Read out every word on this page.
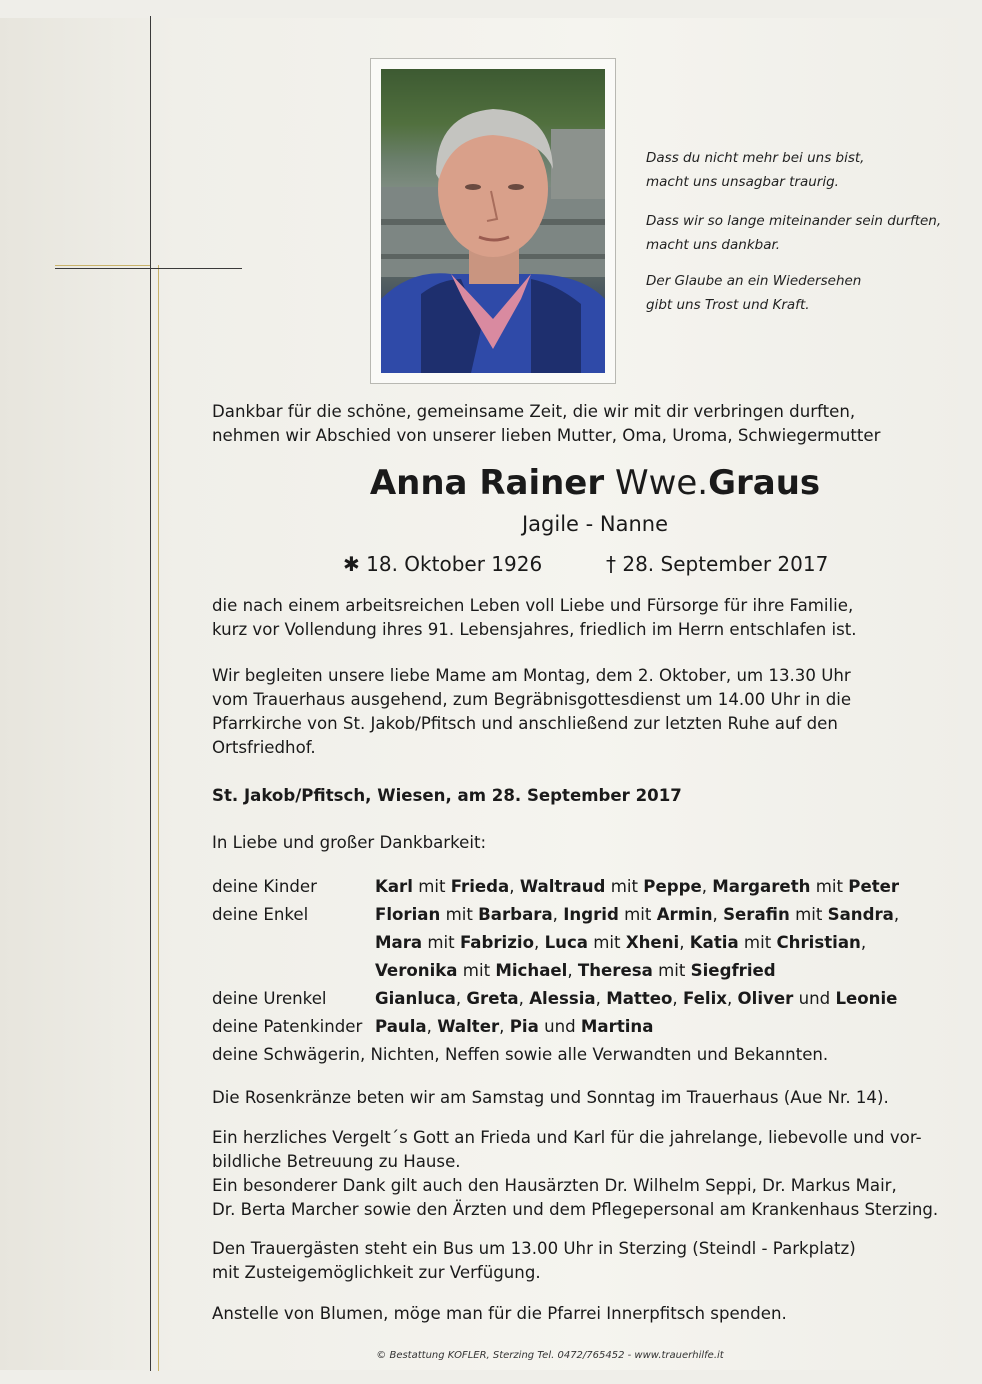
Dass du nicht mehr bei uns bist,
macht uns unsagbar traurig.

Dass wir so lange miteinander sein durften,
macht uns dankbar.

Der Glaube an ein Wiedersehen
gibt uns Trost und Kraft.

Dankbar für die schöne, gemeinsame Zeit, die wir mit dir verbringen durften,
nehmen wir Abschied von unserer lieben Mutter, Oma, Uroma, Schwiegermutter

Anna Rainer Wwe.Graus

Jagile - Nanne

✱ 18. Oktober 1926	† 28. September 2017

die nach einem arbeitsreichen Leben voll Liebe und Fürsorge für ihre Familie,
kurz vor Vollendung ihres 91. Lebensjahres, friedlich im Herrn entschlafen ist.

Wir begleiten unsere liebe Mame am Montag, dem 2. Oktober, um 13.30 Uhr
vom Trauerhaus ausgehend, zum Begräbnisgottesdienst um 14.00 Uhr in die
Pfarrkirche von St. Jakob/Pfitsch und anschließend zur letzten Ruhe auf den
Ortsfriedhof.

St. Jakob/Pfitsch, Wiesen, am 28. September 2017

In Liebe und großer Dankbarkeit:

deine Kinder	Karl mit Frieda, Waltraud mit Peppe, Margareth mit Peter

deine Enkel	Florian mit Barbara, Ingrid mit Armin, Serafin mit Sandra,
Mara mit Fabrizio, Luca mit Xheni, Katia mit Christian,
Veronika mit Michael, Theresa mit Siegfried

deine Urenkel	Gianluca, Greta, Alessia, Matteo, Felix, Oliver und Leonie

deine Patenkinder Paula, Walter, Pia und Martina

deine Schwägerin, Nichten, Neffen sowie alle Verwandten und Bekannten.

Die Rosenkränze beten wir am Samstag und Sonntag im Trauerhaus (Aue Nr. 14).

Ein herzliches Vergelt´s Gott an Frieda und Karl für die jahrelange, liebevolle und vor-
bildliche Betreuung zu Hause.
Ein besonderer Dank gilt auch den Hausärzten Dr. Wilhelm Seppi, Dr. Markus Mair,
Dr. Berta Marcher sowie den Ärzten und dem Pflegepersonal am Krankenhaus Sterzing.

Den Trauergästen steht ein Bus um 13.00 Uhr in Sterzing (Steindl - Parkplatz)
mit Zusteigemöglichkeit zur Verfügung.

Anstelle von Blumen, möge man für die Pfarrei Innerpfitsch spenden.

© Bestattung KOFLER, Sterzing Tel. 0472/765452 - www.trauerhilfe.it
